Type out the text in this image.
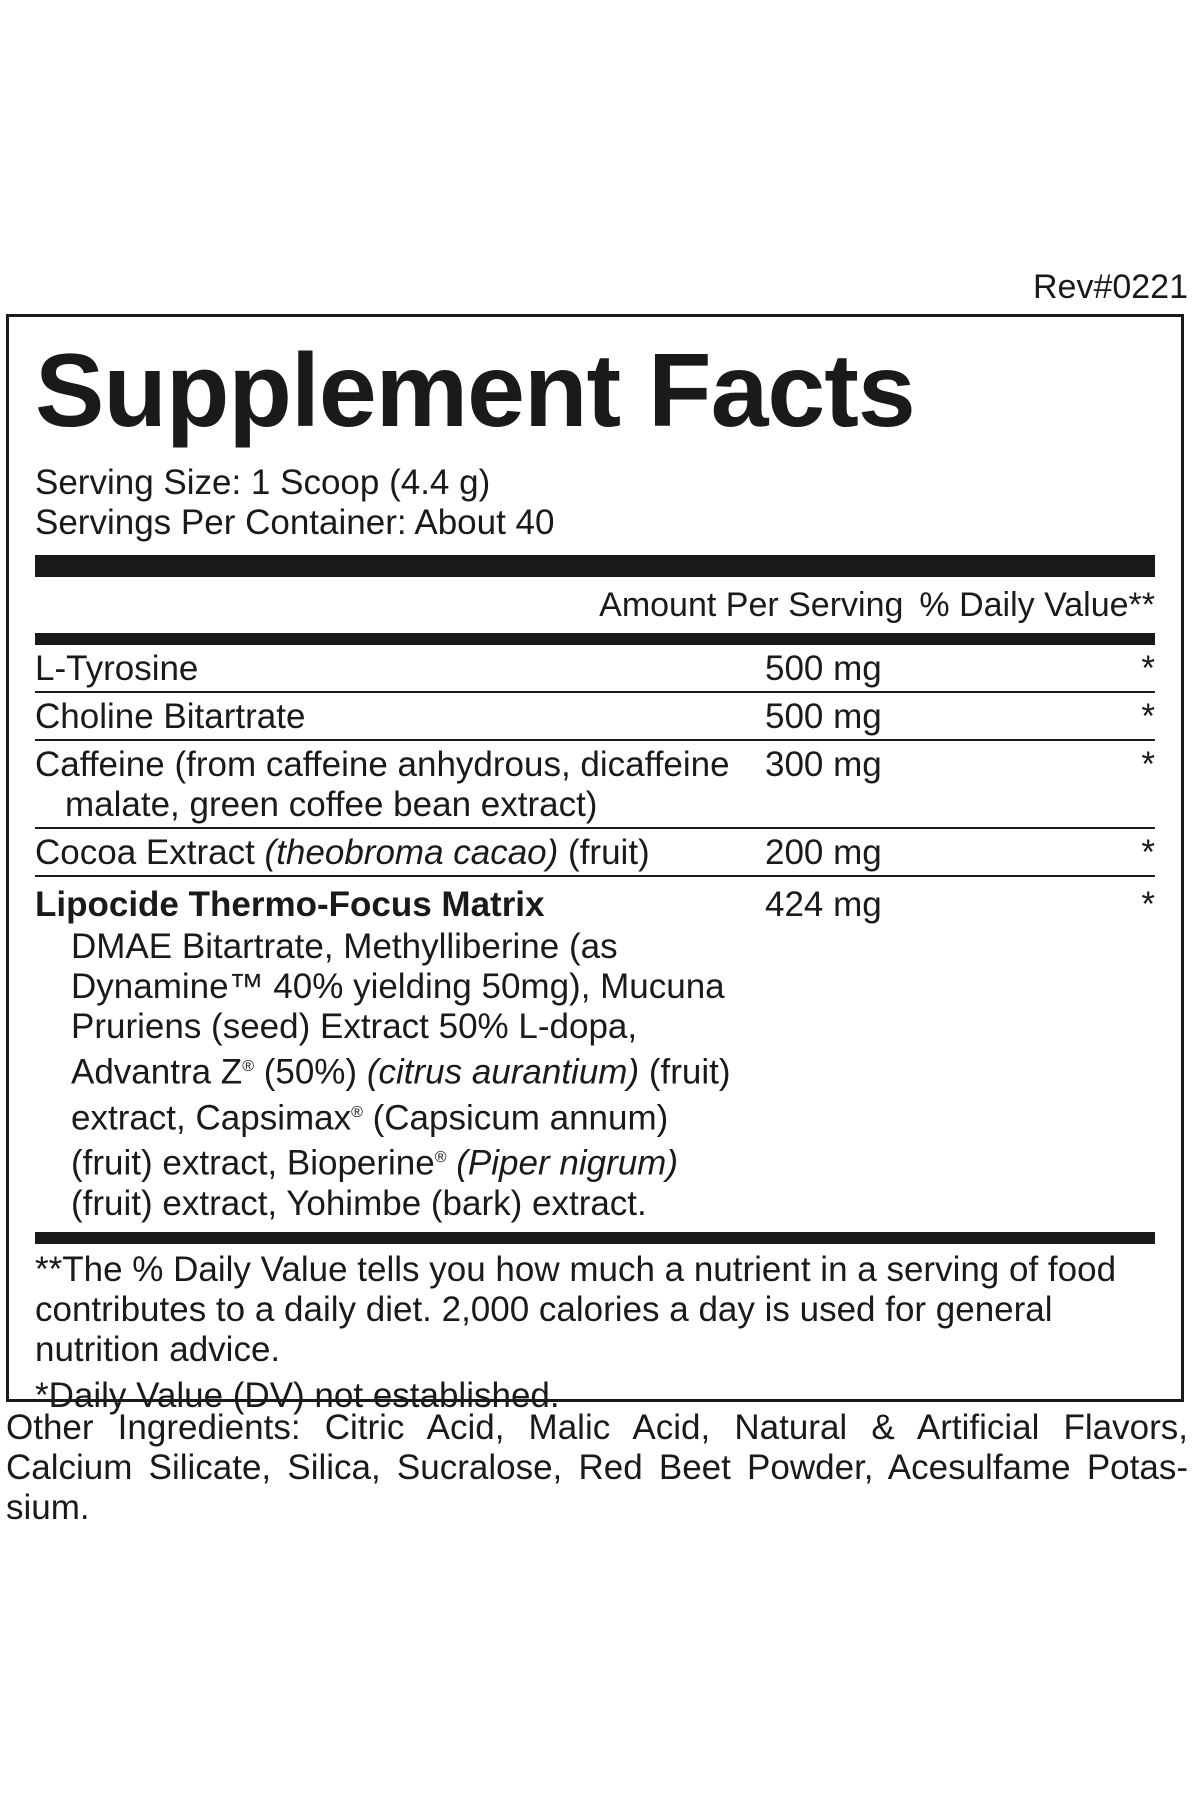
Rev#0221
Supplement Facts
Serving Size: 1 Scoop (4.4 g)
Servings Per Container: About 40
Amount Per Serving % Daily Value**
L-Tyrosine	500 mg	*
Choline Bitartrate	500 mg	*
Caffeine (from caffeine anhydrous, dicaffeine
malate, green coffee bean extract)
300 mg	*
Cocoa Extract (theobroma cacao) (fruit)	200 mg	*
Lipocide Thermo-Focus Matrix	424 mg	*
DMAE Bitartrate, Methylliberine (as
Dynamine™ 40% yielding 50mg), Mucuna
Pruriens (seed) Extract 50% L-dopa,
Advantra Z® (50%) (citrus aurantium) (fruit)
extract, Capsimax® (Capsicum annum)
(fruit) extract, Bioperine® (Piper nigrum)
(fruit) extract, Yohimbe (bark) extract.
**The % Daily Value tells you how much a nutrient in a serving of food contributes to a daily diet. 2,000 calories a day is used for general nutrition advice.
*Daily Value (DV) not established.
Other Ingredients: Citric Acid, Malic Acid, Natural & Artificial Flavors, Calcium Silicate, Silica, Sucralose, Red Beet Powder, Acesulfame Potas-sium.
